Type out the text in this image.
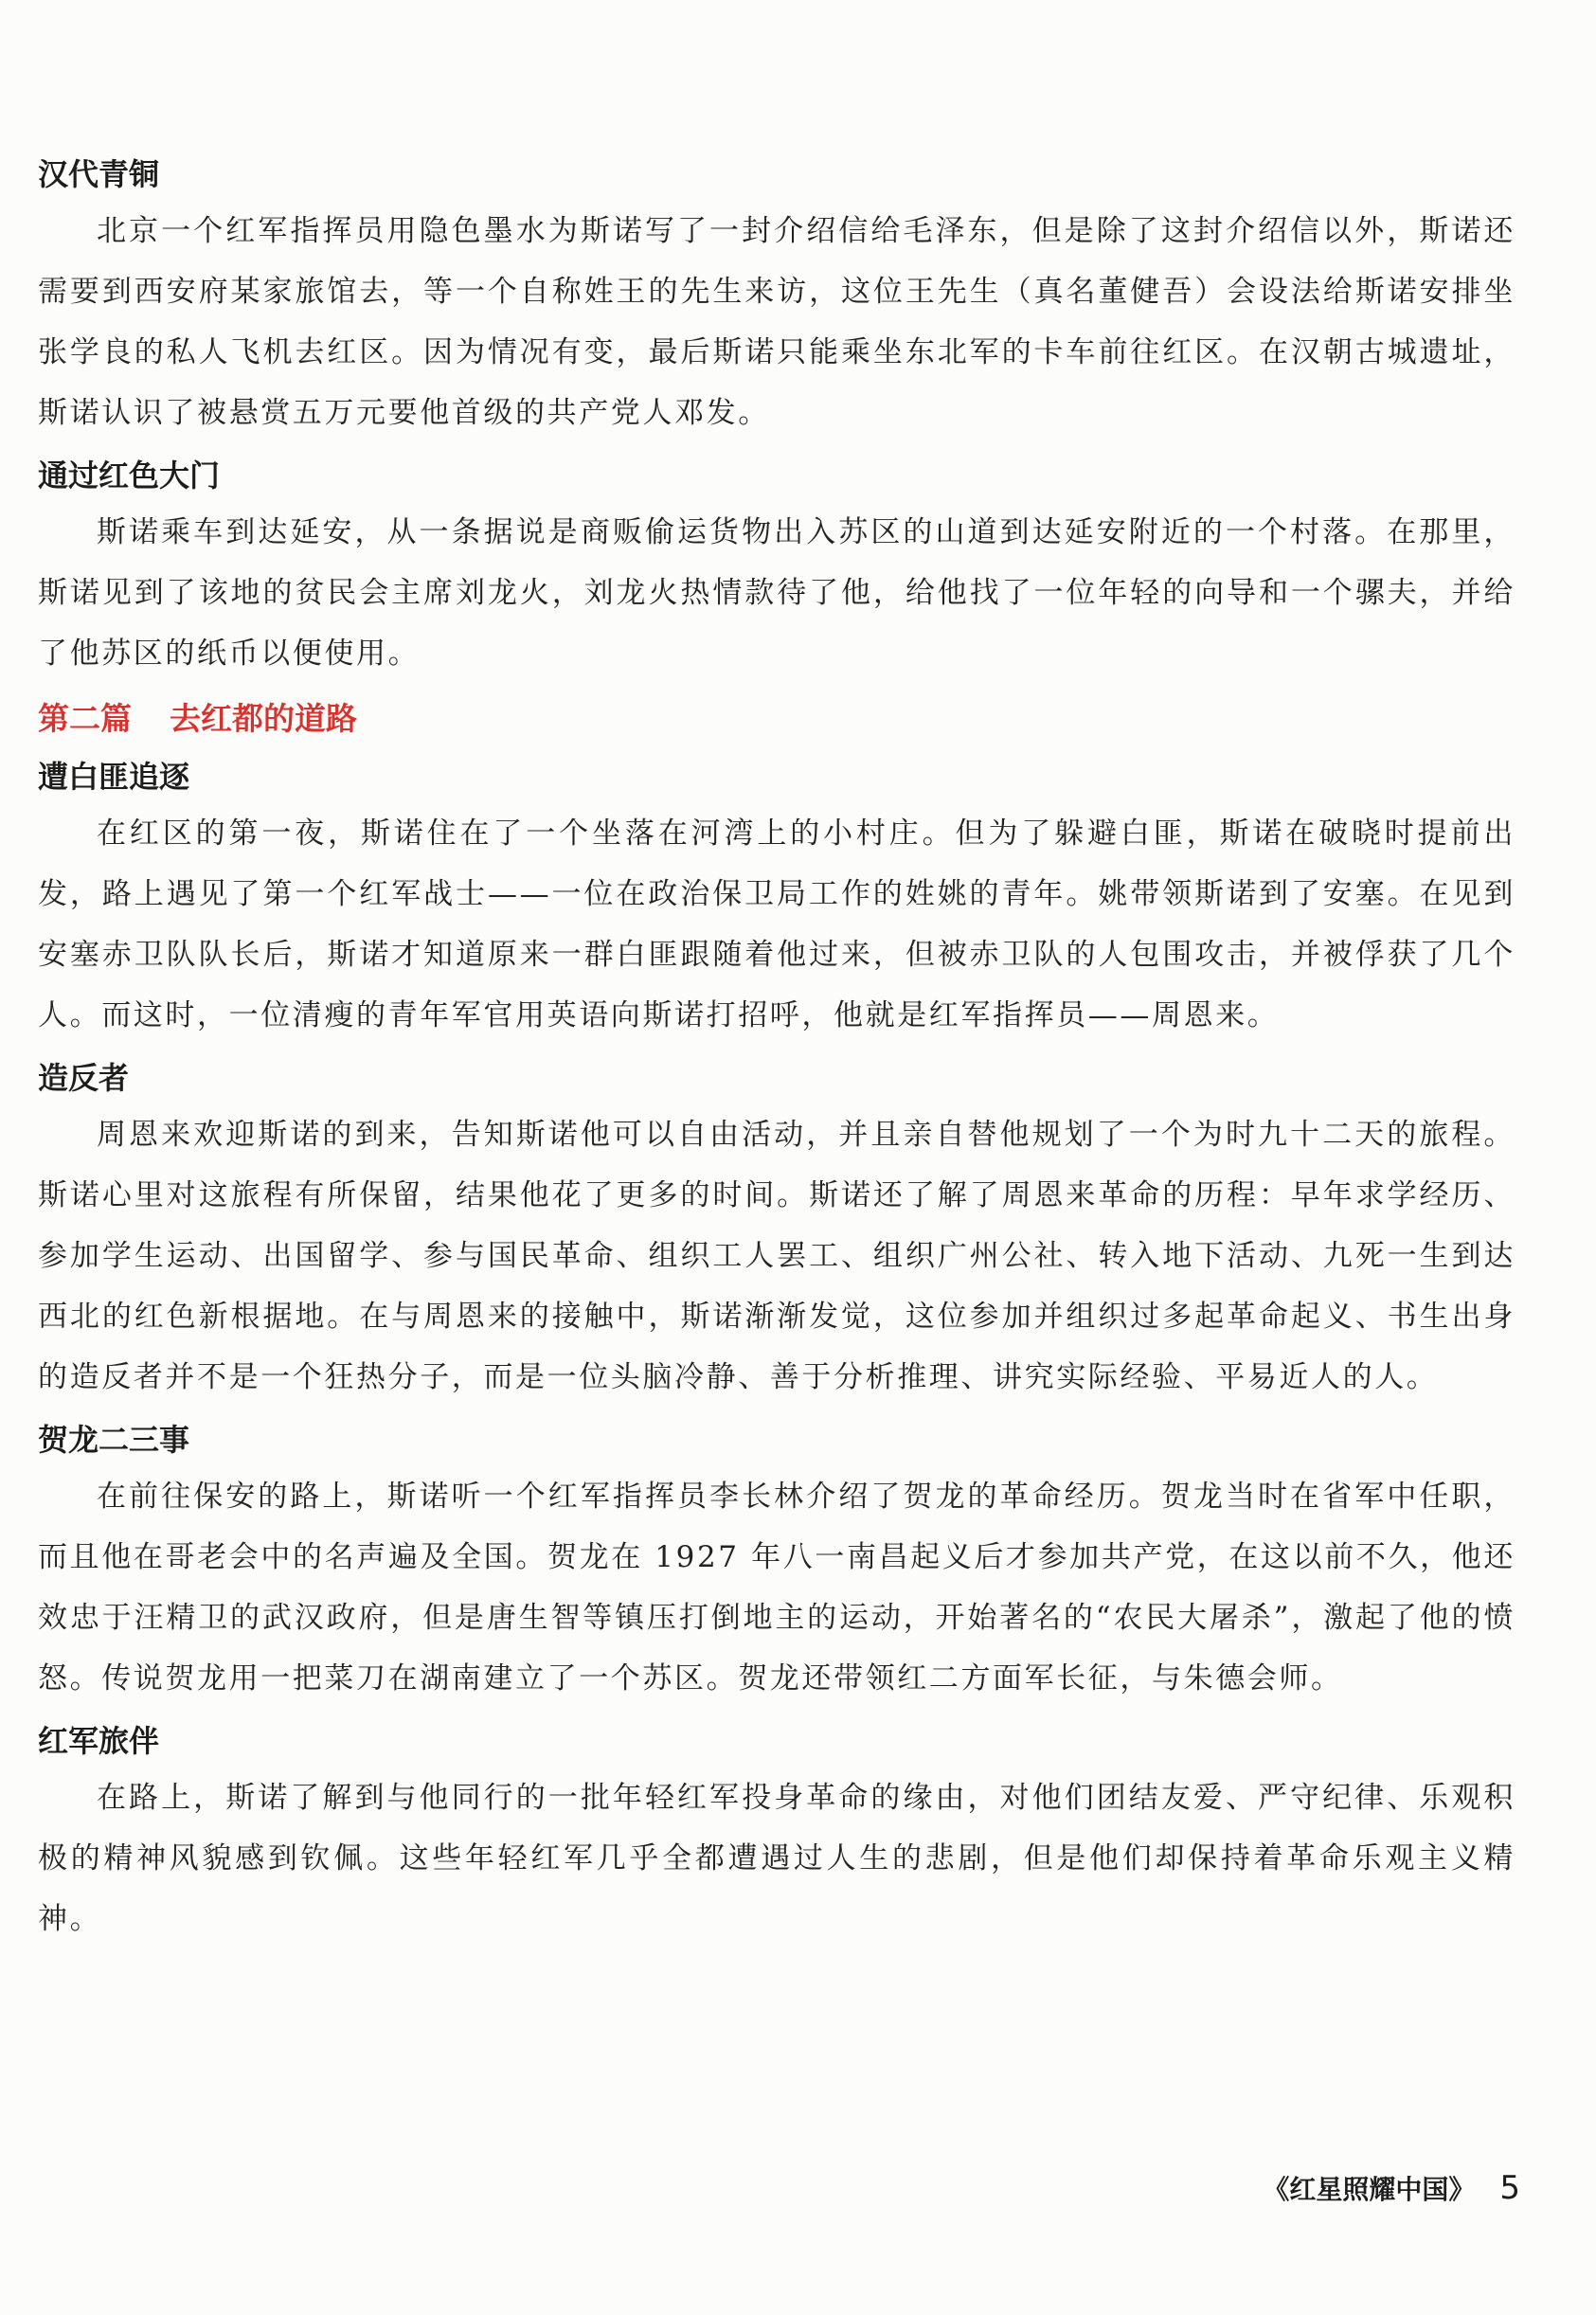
汉代青铜

北京一个红军指挥员用隐色墨水为斯诺写了一封介绍信给毛泽东，但是除了这封介绍信以外，斯诺还需要到西安府某家旅馆去，等一个自称姓王的先生来访，这位王先生（真名董健吾）会设法给斯诺安排坐张学良的私人飞机去红区。因为情况有变，最后斯诺只能乘坐东北军的卡车前往红区。在汉朝古城遗址，斯诺认识了被悬赏五万元要他首级的共产党人邓发。

通过红色大门

斯诺乘车到达延安，从一条据说是商贩偷运货物出入苏区的山道到达延安附近的一个村落。在那里，斯诺见到了该地的贫民会主席刘龙火，刘龙火热情款待了他，给他找了一位年轻的向导和一个骡夫，并给了他苏区的纸币以便使用。

第二篇 去红都的道路
遭白匪追逐

在红区的第一夜，斯诺住在了一个坐落在河湾上的小村庄。但为了躲避白匪，斯诺在破晓时提前出发，路上遇见了第一个红军战士——一位在政治保卫局工作的姓姚的青年。姚带领斯诺到了安塞。在见到安塞赤卫队队长后，斯诺才知道原来一群白匪跟随着他过来，但被赤卫队的人包围攻击，并被俘获了几个人。而这时，一位清瘦的青年军官用英语向斯诺打招呼，他就是红军指挥员——周恩来。

造反者

周恩来欢迎斯诺的到来，告知斯诺他可以自由活动，并且亲自替他规划了一个为时九十二天的旅程。斯诺心里对这旅程有所保留，结果他花了更多的时间。斯诺还了解了周恩来革命的历程：早年求学经历、参加学生运动、出国留学、参与国民革命、组织工人罢工、组织广州公社、转入地下活动、九死一生到达西北的红色新根据地。在与周恩来的接触中，斯诺渐渐发觉，这位参加并组织过多起革命起义、书生出身的造反者并不是一个狂热分子，而是一位头脑冷静、善于分析推理、讲究实际经验、平易近人的人。

贺龙二三事

在前往保安的路上，斯诺听一个红军指挥员李长林介绍了贺龙的革命经历。贺龙当时在省军中任职，而且他在哥老会中的名声遍及全国。贺龙在 1927 年八一南昌起义后才参加共产党，在这以前不久，他还效忠于汪精卫的武汉政府，但是唐生智等镇压打倒地主的运动，开始著名的“农民大屠杀”，激起了他的愤怒。传说贺龙用一把菜刀在湖南建立了一个苏区。贺龙还带领红二方面军长征，与朱德会师。

红军旅伴

在路上，斯诺了解到与他同行的一批年轻红军投身革命的缘由，对他们团结友爱、严守纪律、乐观积极的精神风貌感到钦佩。这些年轻红军几乎全都遭遇过人生的悲剧，但是他们却保持着革命乐观主义精神。

《红星照耀中国》 5
